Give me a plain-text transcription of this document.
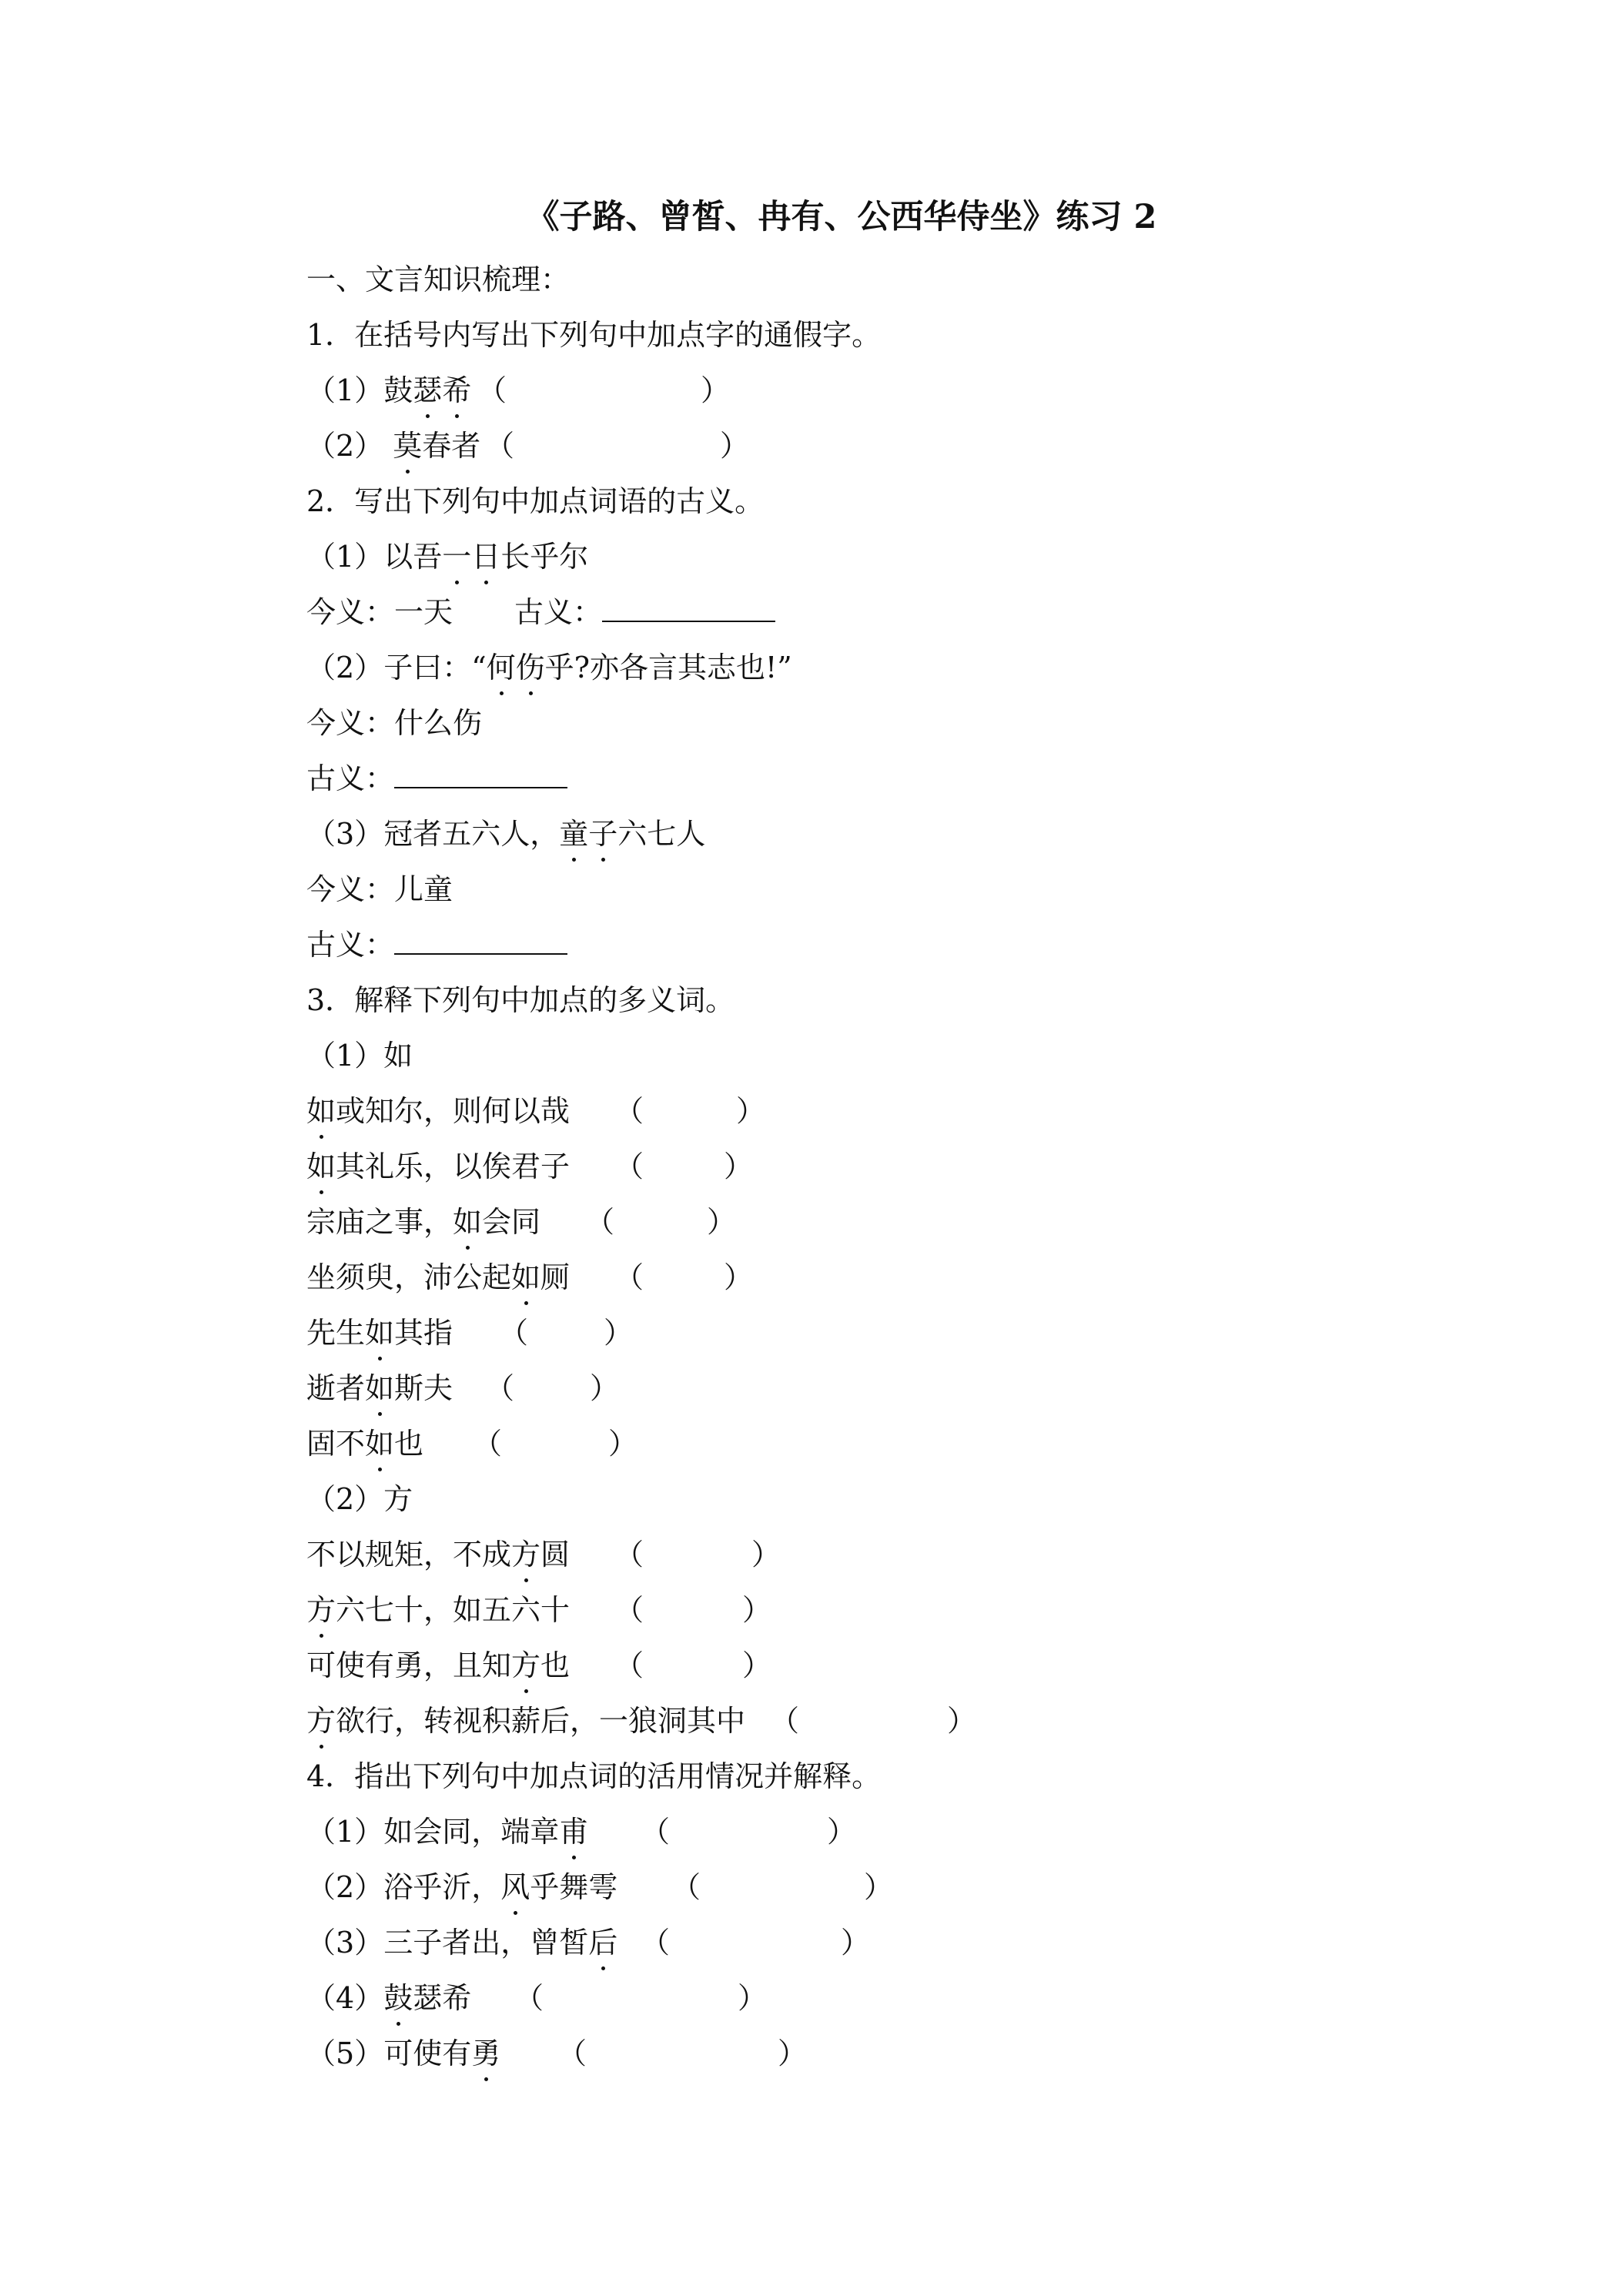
《子路、曾皙、冉有、公西华侍坐》练习 2
一、文言知识梳理：
1．在括号内写出下列句中加点字的通假字。
（1）鼓瑟希 （	）
（2） 莫春者 （	）
2．写出下列句中加点词语的古义。
（1）以吾一日长乎尔
今义：一天 古义：
（2）子曰：“何伤乎?亦各言其志也!”
今义：什么伤
古义：
（3）冠者五六人，童子六七人
今义：儿童
古义：
3．解释下列句中加点的多义词。
（1）如
如或知尔，则何以哉 （	）
如其礼乐，以俟君子 （	）
宗庙之事，如会同 （	）
坐须臾，沛公起如厕 （	）
先生如其指 （	）
逝者如斯夫 （	）
固不如也 （	）
（2）方
不以规矩，不成方圆 （	）
方六七十，如五六十 （	）
可使有勇，且知方也 （	）
方欲行，转视积薪后，一狼洞其中 （	）
4．指出下列句中加点词的活用情况并解释。
（1）如会同，端章甫 （	）
（2）浴乎沂，风乎舞雩 （	）
（3）三子者出，曾皙后 （	）
（4）鼓瑟希 （	）
（5）可使有勇 （	）
